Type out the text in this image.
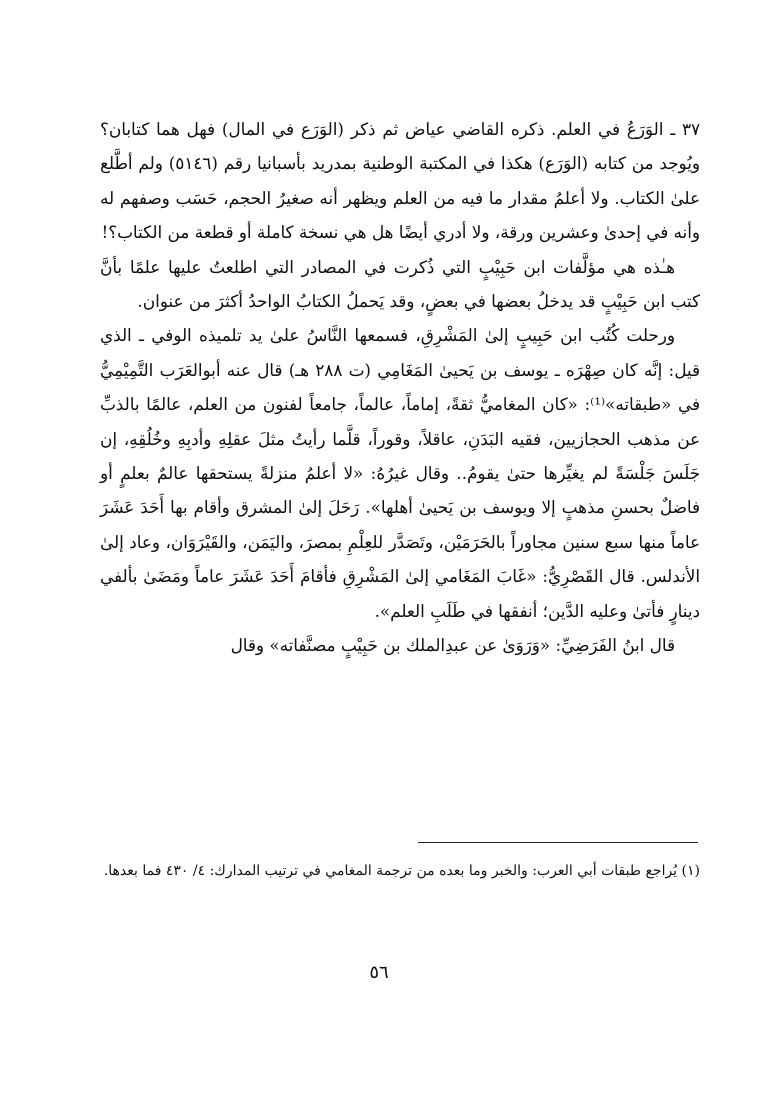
٣٧ ـ الوَرَعُ في العلم. ذكره القاضي عياض ثم ذكر (الوَرَع في المال) فهل هما كتابان؟ ويُوجد من كتابه (الوَرَع) هكذا في المكتبة الوطنية بمدريد بأسبانيا رقم (٥١٤٦) ولم أطَّلع علىٰ الكتاب. ولا أعلمُ مقدار ما فيه من العلم ويظهر أنه صغيرُ الحجم، حَسَب وصفهم له وأنه في إحدىٰ وعشرين ورقة، ولا أدري أيضًا هل هي نسخة كاملة أو قطعة من الكتاب؟!

هـٰذه هي مؤلَّفات ابن حَبِيْبٍ التي ذُكرت في المصادر التي اطلعتُ عليها علمًا بأنَّ كتب ابن حَبِيْبٍ قد يدخلُ بعضها في بعضٍ، وقد يَحملُ الكتابُ الواحدُ أكثرَ من عنوان.

ورحلت كُتُب ابن حَبِيبٍ إلىٰ المَشْرِقِ، فسمعها النَّاسُ علىٰ يد تلميذه الوفي ـ الذي قيل: إنَّه كان صِهْرَه ـ يوسف بن يَحيىٰ المَغَامِي (ت ٢٨٨ هـ) قال عنه أبوالعَرَب التَّمِيْمِيُّ في «طبقاته»⁽¹⁾: «كان المغاميُّ ثقةً، إماماً، عالماً، جامعاً لفنون من العلم، عالمًا بالذبِّ عن مذهب الحجازيين، فقيه البَدَنِ، عاقلاً، وقوراً، قلَّما رأيتُ مثلَ عقلِهِ وأدبِهِ وخُلُقِهِ، إن جَلَسَ جَلْسَةً لم يغيِّرها حتىٰ يقومُ.. وقال غيرُهُ: «لا أعلمُ منزلةً يستحقها عالمٌ بعلمٍ أو فاضلٌ بحسنِ مذهبٍ إلا ويوسف بن يَحيىٰ أهلها». رَحَلَ إلىٰ المشرق وأقام بها أَحَدَ عَشَرَ عاماً منها سبع سنين مجاوراً بالحَرَمَيْن، وتَصَدَّر للعِلْمِ بمصرَ، واليَمَن، والقَيْرَوَان، وعاد إلىٰ الأندلس. قال القَصْرِيُّ: «غَابَ المَغَامي إلىٰ المَشْرِقِ فأقامَ أَحَدَ عَشَرَ عاماً ومَضَىٰ بألفي دينارٍ فأتىٰ وعليه الدَّين؛ أنفقها في طَلَبِ العلم».

قال ابنُ الفَرَضِيِّ: «وَرَوَىٰ عن عبدِالملك بن حَبِيْبٍ مصنَّفاته» وقال

(١) يُراجع طبقات أبي العرب: والخبر وما بعده من ترجمة المغامي في ترتيب المدارك: ٤/ ٤٣٠ فما بعدها.

٥٦
